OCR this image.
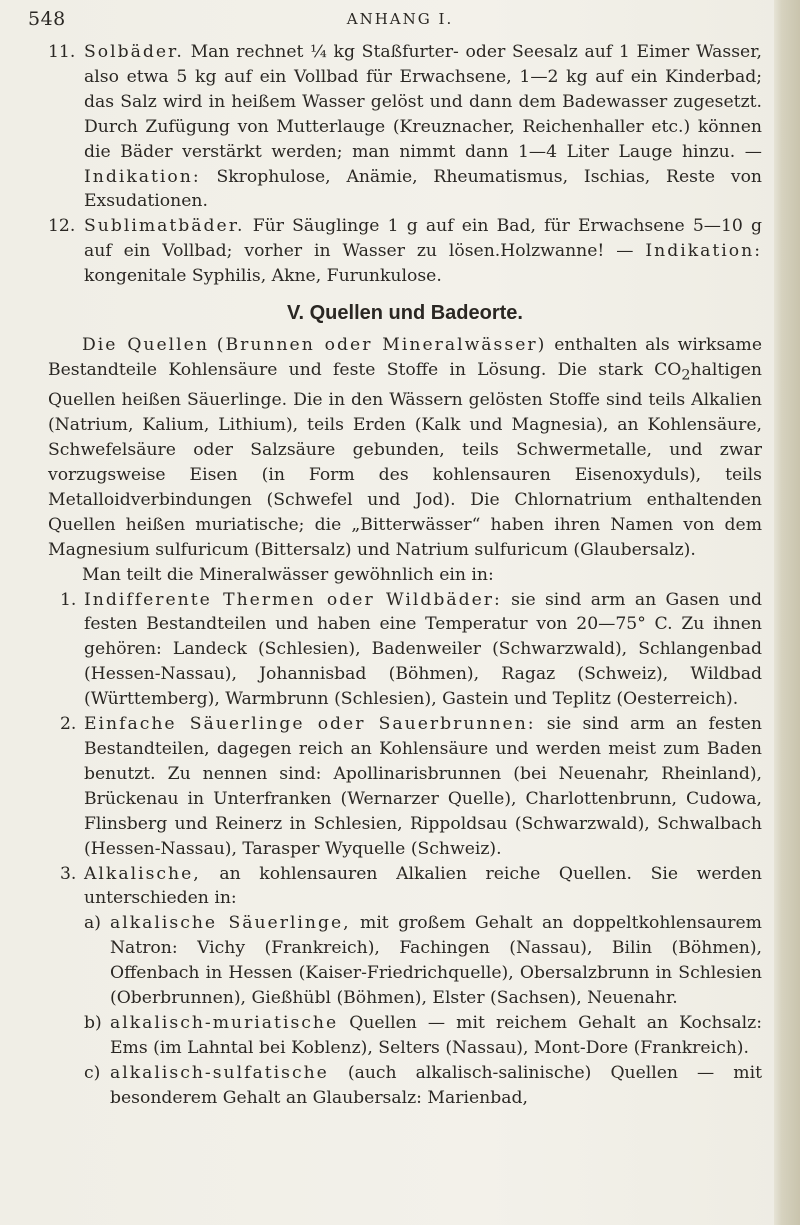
548	ANHANG I.
11. Solbäder. Man rechnet ¼ kg Staßfurter- oder Seesalz auf 1 Eimer Wasser, also etwa 5 kg auf ein Vollbad für Erwachsene, 1—2 kg auf ein Kinderbad; das Salz wird in heißem Wasser gelöst und dann dem Badewasser zugesetzt. Durch Zufügung von Mutterlauge (Kreuznacher, Reichenhaller etc.) können die Bäder verstärkt werden; man nimmt dann 1—4 Liter Lauge hinzu. — Indikation: Skrophulose, Anämie, Rheumatismus, Ischias, Reste von Exsudationen.

12. Sublimatbäder. Für Säuglinge 1 g auf ein Bad, für Erwachsene 5—10 g auf ein Vollbad; vorher in Wasser zu lösen.Holzwanne! — Indikation: kongenitale Syphilis, Akne, Furunkulose.

V. Quellen und Badeorte.

Die Quellen (Brunnen oder Mineralwässer) enthalten als wirksame Bestandteile Kohlensäure und feste Stoffe in Lösung. Die stark $CO_2haltigen$ Quellen heißen Säuerlinge. Die in den Wässern gelösten Stoffe sind teils Alkalien (Natrium, Kalium, Lithium), teils Erden (Kalk und Magnesia), an Kohlensäure, Schwefelsäure oder Salzsäure gebunden, teils Schwermetalle, und zwar vorzugsweise Eisen (in Form des kohlensauren Eisenoxyduls), teils Metalloidverbindungen (Schwefel und Jod). Die Chlornatrium enthaltenden Quellen heißen muriatische; die „Bitterwässer“ haben ihren Namen von dem Magnesium sulfuricum (Bittersalz) und Natrium sulfuricum (Glaubersalz).

Man teilt die Mineralwässer gewöhnlich ein in:

1. Indifferente Thermen oder Wildbäder: sie sind arm an Gasen und festen Bestandteilen und haben eine Temperatur von 20—75° C. Zu ihnen gehören: Landeck (Schlesien), Badenweiler (Schwarzwald), Schlangenbad (Hessen-Nassau), Johannisbad (Böhmen), Ragaz (Schweiz), Wildbad (Württemberg), Warmbrunn (Schlesien), Gastein und Teplitz (Oesterreich).

2. Einfache Säuerlinge oder Sauerbrunnen: sie sind arm an festen Bestandteilen, dagegen reich an Kohlensäure und werden meist zum Baden benutzt. Zu nennen sind: Apollinarisbrunnen (bei Neuenahr, Rheinland), Brückenau in Unterfranken (Wernarzer Quelle), Charlottenbrunn, Cudowa, Flinsberg und Reinerz in Schlesien, Rippoldsau (Schwarzwald), Schwalbach (Hessen-Nassau), Tarasper Wyquelle (Schweiz).

3. Alkalische, an kohlensauren Alkalien reiche Quellen. Sie werden unterschieden in:

a) alkalische Säuerlinge, mit großem Gehalt an doppeltkohlensaurem Natron: Vichy (Frankreich), Fachingen (Nassau), Bilin (Böhmen), Offenbach in Hessen (Kaiser-Friedrichquelle), Obersalzbrunn in Schlesien (Oberbrunnen), Gießhübl (Böhmen), Elster (Sachsen), Neuenahr.

b) alkalisch-muriatische Quellen — mit reichem Gehalt an Kochsalz: Ems (im Lahntal bei Koblenz), Selters (Nassau), Mont-Dore (Frankreich).

c) alkalisch-sulfatische (auch alkalisch-salinische) Quellen — mit besonderem Gehalt an Glaubersalz: Marienbad,
